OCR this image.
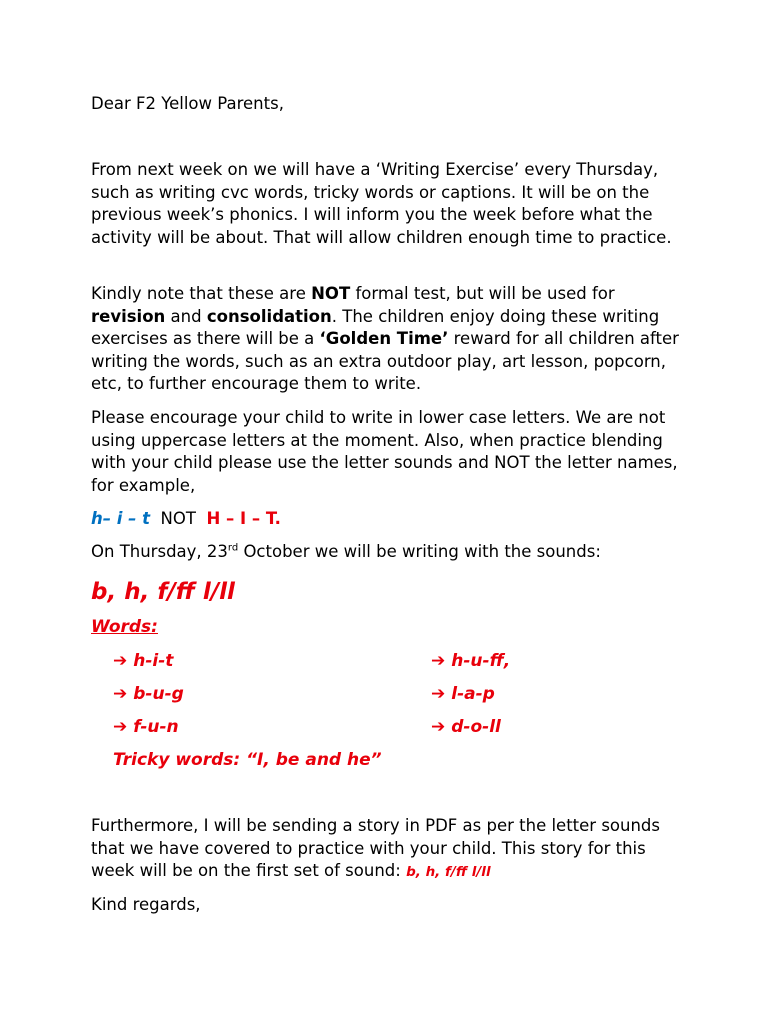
Dear F2 Yellow Parents,

From next week on we will have a ‘Writing Exercise’ every Thursday, such as writing cvc words, tricky words or captions. It will be on the previous week’s phonics. I will inform you the week before what the activity will be about. That will allow children enough time to practice.

Kindly note that these are NOT formal test, but will be used for revision and consolidation. The children enjoy doing these writing exercises as there will be a ‘Golden Time’ reward for all children after writing the words, such as an extra outdoor play, art lesson, popcorn, etc, to further encourage them to write.

Please encourage your child to write in lower case letters. We are not using uppercase letters at the moment. Also, when practice blending with your child please use the letter sounds and NOT the letter names, for example,

h– i – t NOT H – I – T.

On Thursday, 23rd October we will be writing with the sounds:

b, h, f/ff l/ll

Words:

➔ h-i-t
➔ b-u-g
➔ f-u-n
➔ h-u-ff,
➔ l-a-p
➔ d-o-ll
Tricky words: “I, be and he”

Furthermore, I will be sending a story in PDF as per the letter sounds that we have covered to practice with your child. This story for this week will be on the first set of sound: b, h, f/ff l/ll

Kind regards,
